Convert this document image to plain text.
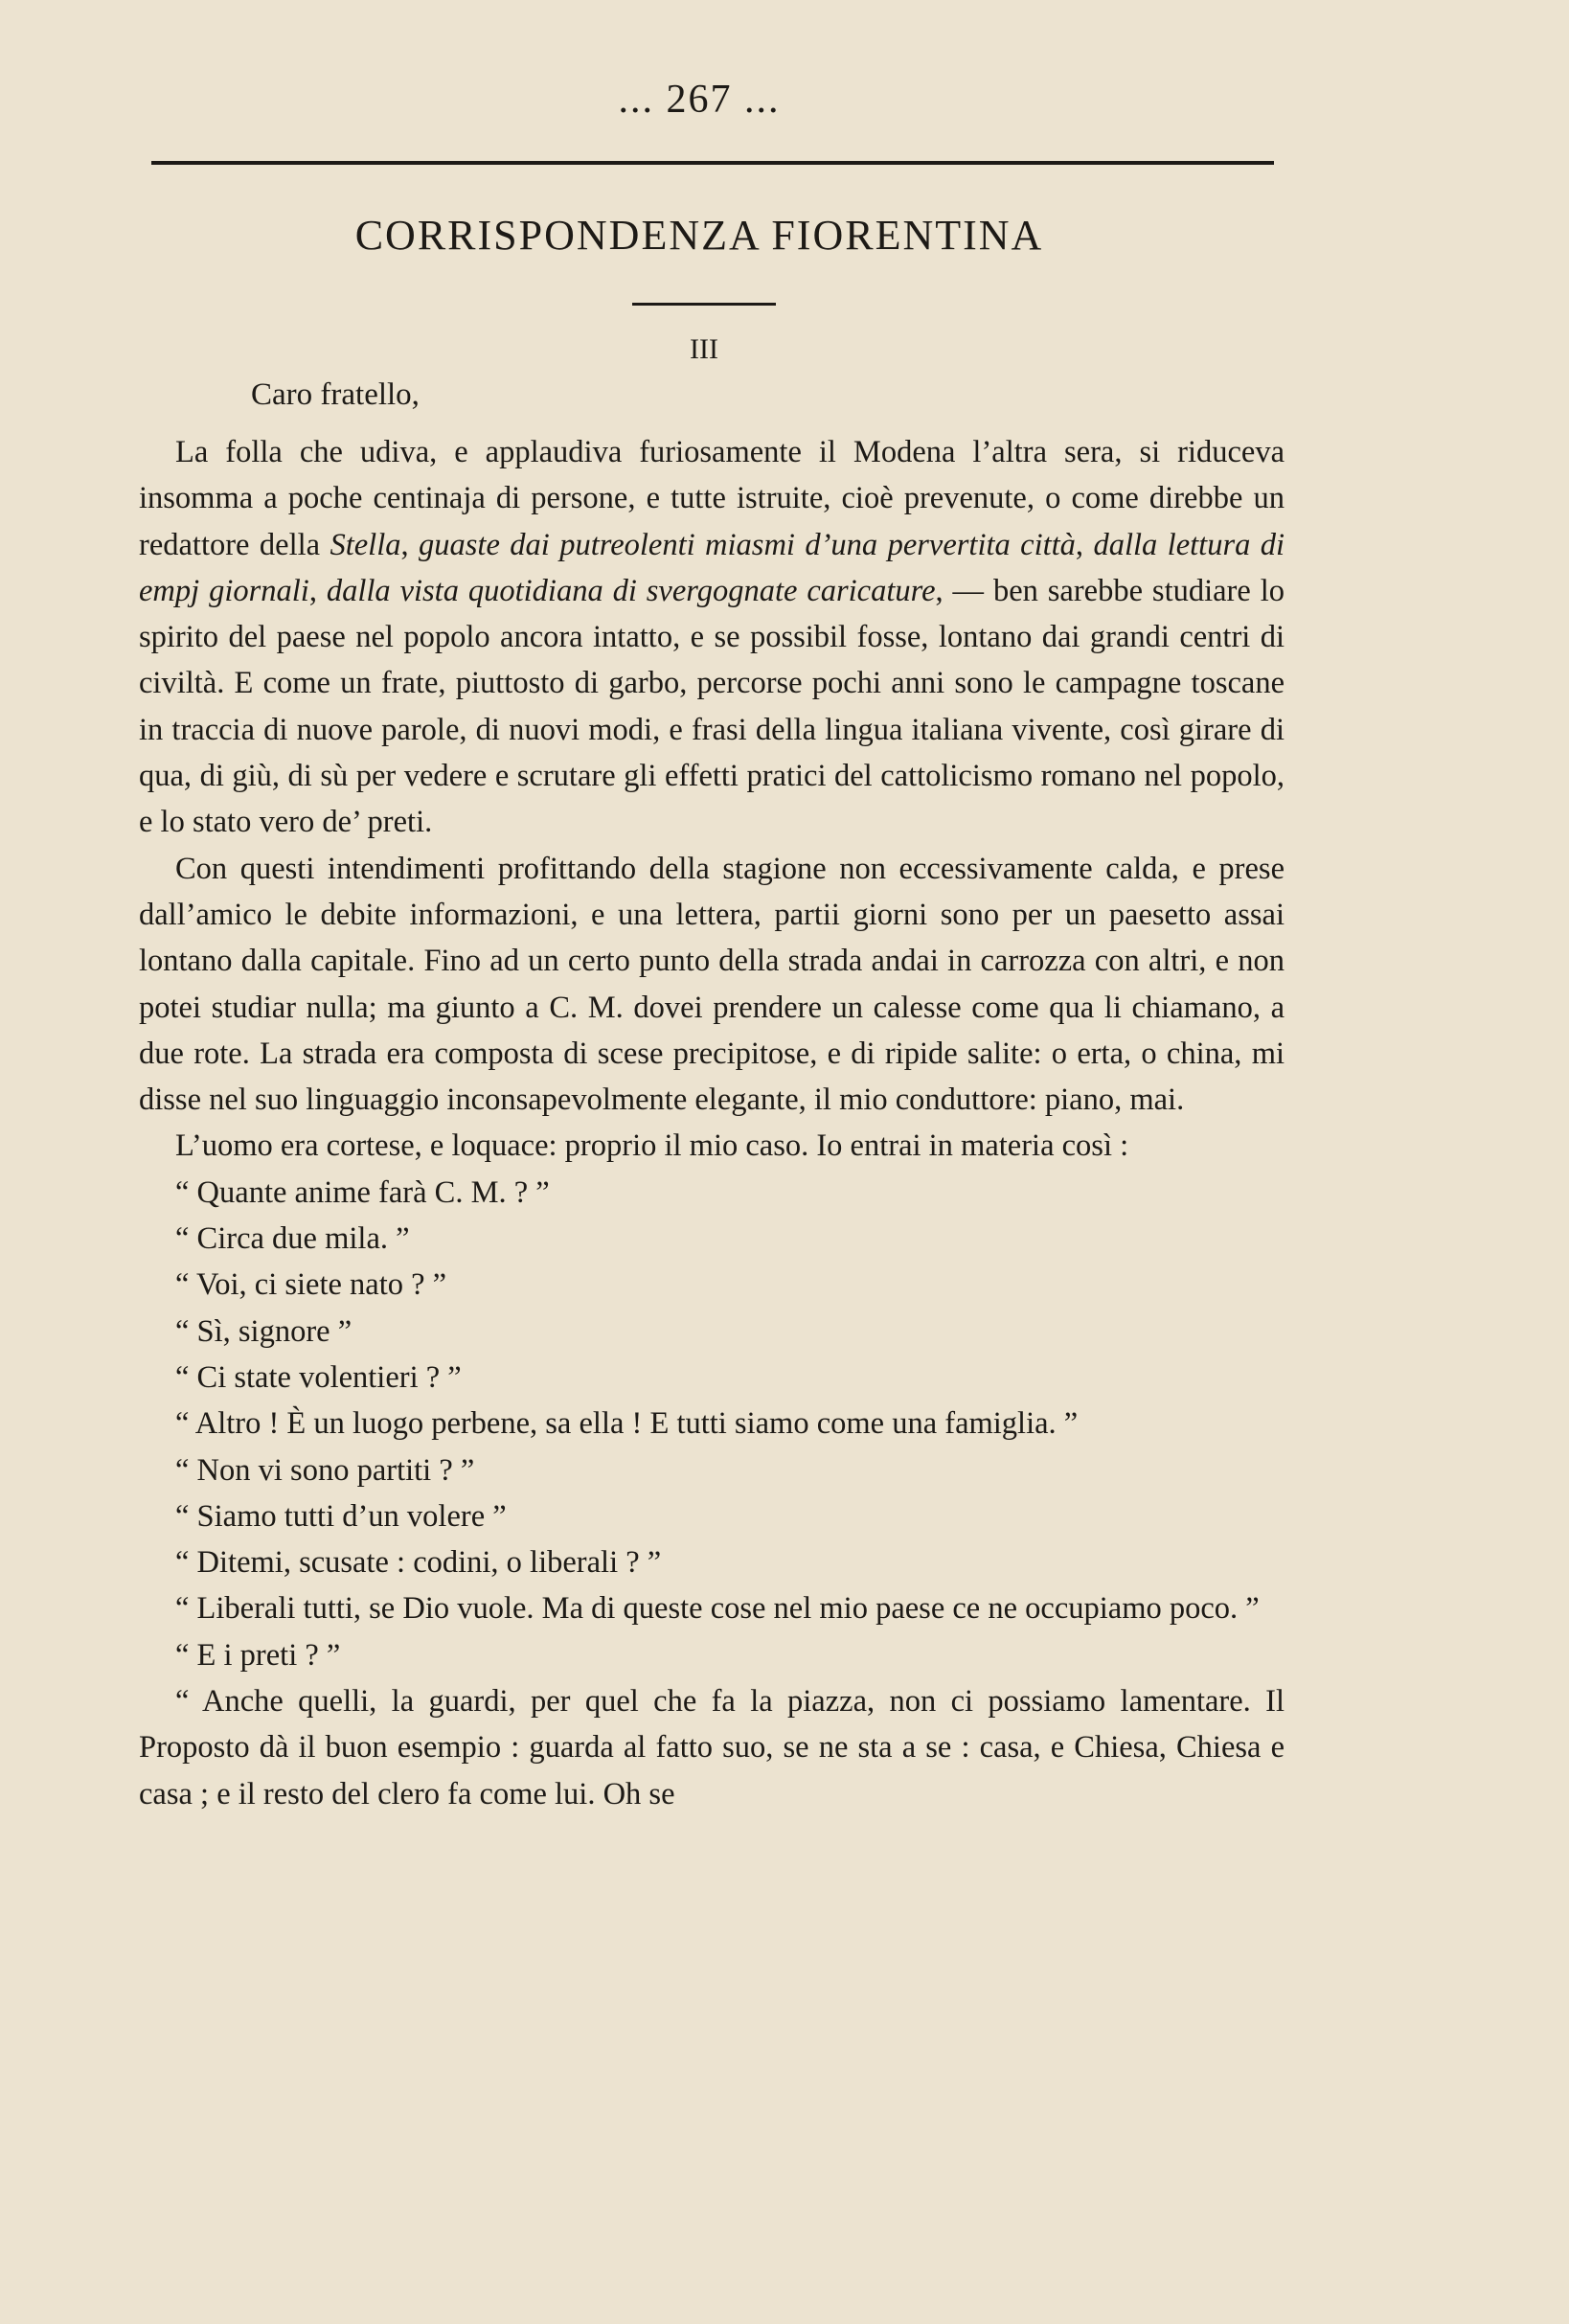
... 267 ...
CORRISPONDENZA FIORENTINA
III
Caro fratello,

La folla che udiva, e applaudiva furiosamente il Modena l’altra sera, si riduceva insomma a poche centinaja di persone, e tutte istruite, cioè prevenute, o come direbbe un redattore della Stella, guaste dai putreolenti miasmi d’una pervertita città, dalla lettura di empj giornali, dalla vista quotidiana di svergognate caricature, — ben sarebbe studiare lo spirito del paese nel popolo ancora intatto, e se possibil fosse, lontano dai grandi centri di civiltà. E come un frate, piuttosto di garbo, percorse pochi anni sono le campagne toscane in traccia di nuove parole, di nuovi modi, e frasi della lingua italiana vivente, così girare di qua, di giù, di sù per vedere e scrutare gli effetti pratici del cattolicismo romano nel popolo, e lo stato vero de’ preti.

Con questi intendimenti profittando della stagione non eccessivamente calda, e prese dall’amico le debite informazioni, e una lettera, partii giorni sono per un paesetto assai lontano dalla capitale. Fino ad un certo punto della strada andai in carrozza con altri, e non potei studiar nulla; ma giunto a C. M. dovei prendere un calesse come qua li chiamano, a due rote. La strada era composta di scese precipitose, e di ripide salite: o erta, o china, mi disse nel suo linguaggio inconsapevolmente elegante, il mio conduttore: piano, mai.

L’uomo era cortese, e loquace: proprio il mio caso. Io entrai in materia così :

“ Quante anime farà C. M. ? ”

“ Circa due mila. ”

“ Voi, ci siete nato ? ”

“ Sì, signore ”

“ Ci state volentieri ? ”

“ Altro ! È un luogo perbene, sa ella ! E tutti siamo come una famiglia. ”

“ Non vi sono partiti ? ”

“ Siamo tutti d’un volere ”

“ Ditemi, scusate : codini, o liberali ? ”

“ Liberali tutti, se Dio vuole. Ma di queste cose nel mio paese ce ne occupiamo poco. ”

“ E i preti ? ”

“ Anche quelli, la guardi, per quel che fa la piazza, non ci possiamo lamentare. Il Proposto dà il buon esempio : guarda al fatto suo, se ne sta a se : casa, e Chiesa, Chiesa e casa ; e il resto del clero fa come lui. Oh se
